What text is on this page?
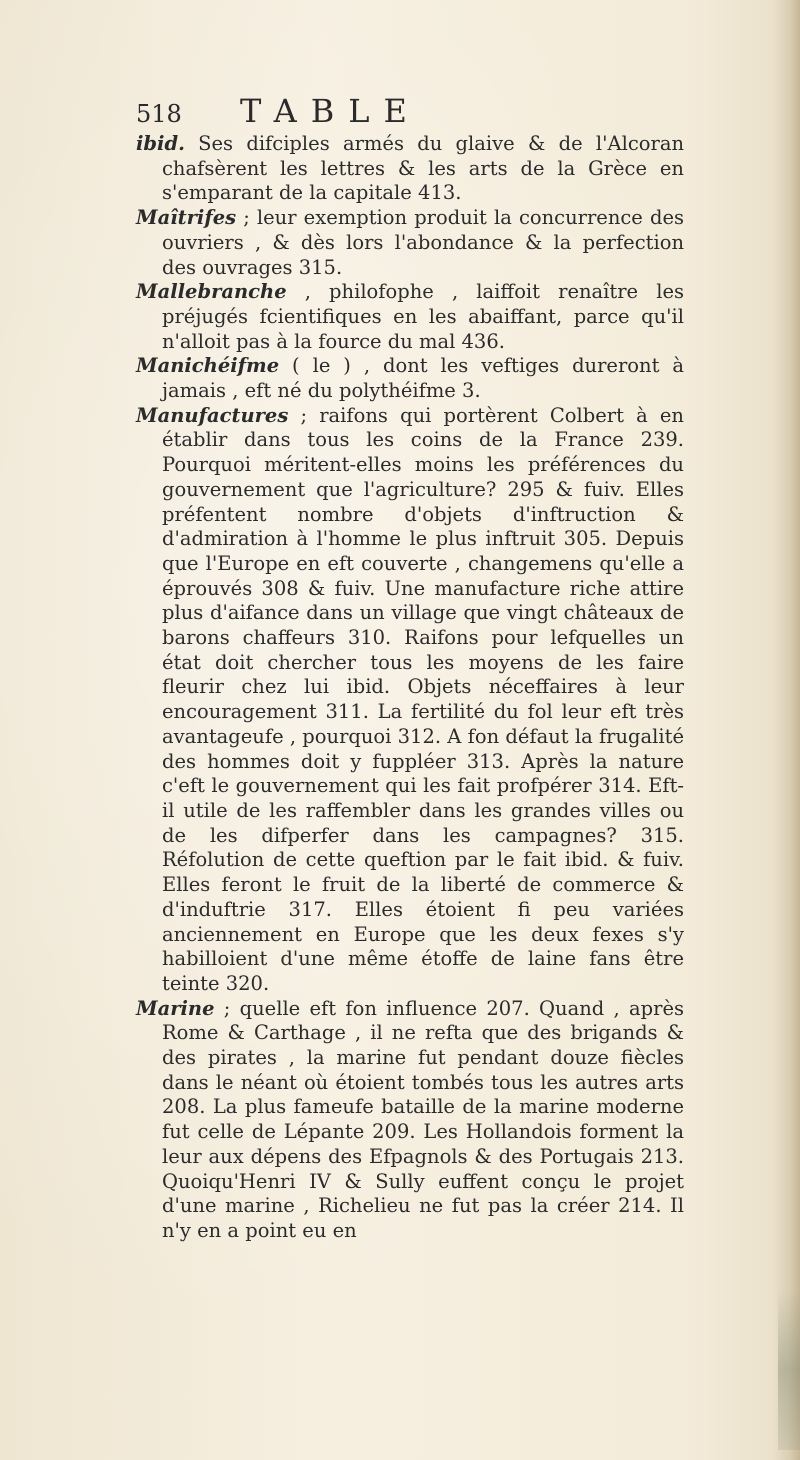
518 TABLE

ibid. Ses difciples armés du glaive & de l'Alcoran chafsèrent les lettres & les arts de la Grèce en s'emparant de la capitale 413.

Maîtrifes ; leur exemption produit la concurrence des ouvriers , & dès lors l'abondance & la perfection des ouvrages 315.

Mallebranche , philofophe , laiffoit renaître les préjugés fcientifiques en les abaiffant, parce qu'il n'alloit pas à la fource du mal 436.

Manichéifme ( le ) , dont les veftiges dureront à jamais , eft né du polythéifme 3.

Manufactures ; raifons qui portèrent Colbert à en établir dans tous les coins de la France 239. Pourquoi méritent-elles moins les préférences du gouvernement que l'agriculture? 295 & fuiv. Elles préfentent nombre d'objets d'inftruction & d'admiration à l'homme le plus inftruit 305. Depuis que l'Europe en eft couverte , changemens qu'elle a éprouvés 308 & fuiv. Une manufacture riche attire plus d'aifance dans un village que vingt châteaux de barons chaffeurs 310. Raifons pour lefquelles un état doit chercher tous les moyens de les faire fleurir chez lui ibid. Objets néceffaires à leur encouragement 311. La fertilité du fol leur eft très avantageufe , pourquoi 312. A fon défaut la frugalité des hommes doit y fuppléer 313. Après la nature c'eft le gouvernement qui les fait profpérer 314. Eft-il utile de les raffembler dans les grandes villes ou de les difperfer dans les campagnes? 315. Réfolution de cette queftion par le fait ibid. & fuiv. Elles feront le fruit de la liberté de commerce & d'induftrie 317. Elles étoient fi peu variées anciennement en Europe que les deux fexes s'y habilloient d'une même étoffe de laine fans être teinte 320.

Marine ; quelle eft fon influence 207. Quand , après Rome & Carthage , il ne refta que des brigands & des pirates , la marine fut pendant douze fiècles dans le néant où étoient tombés tous les autres arts 208. La plus fameufe bataille de la marine moderne fut celle de Lépante 209. Les Hollandois forment la leur aux dépens des Efpagnols & des Portugais 213. Quoiqu'Henri IV & Sully euffent conçu le projet d'une marine , Richelieu ne fut pas la créer 214. Il n'y en a point eu en
